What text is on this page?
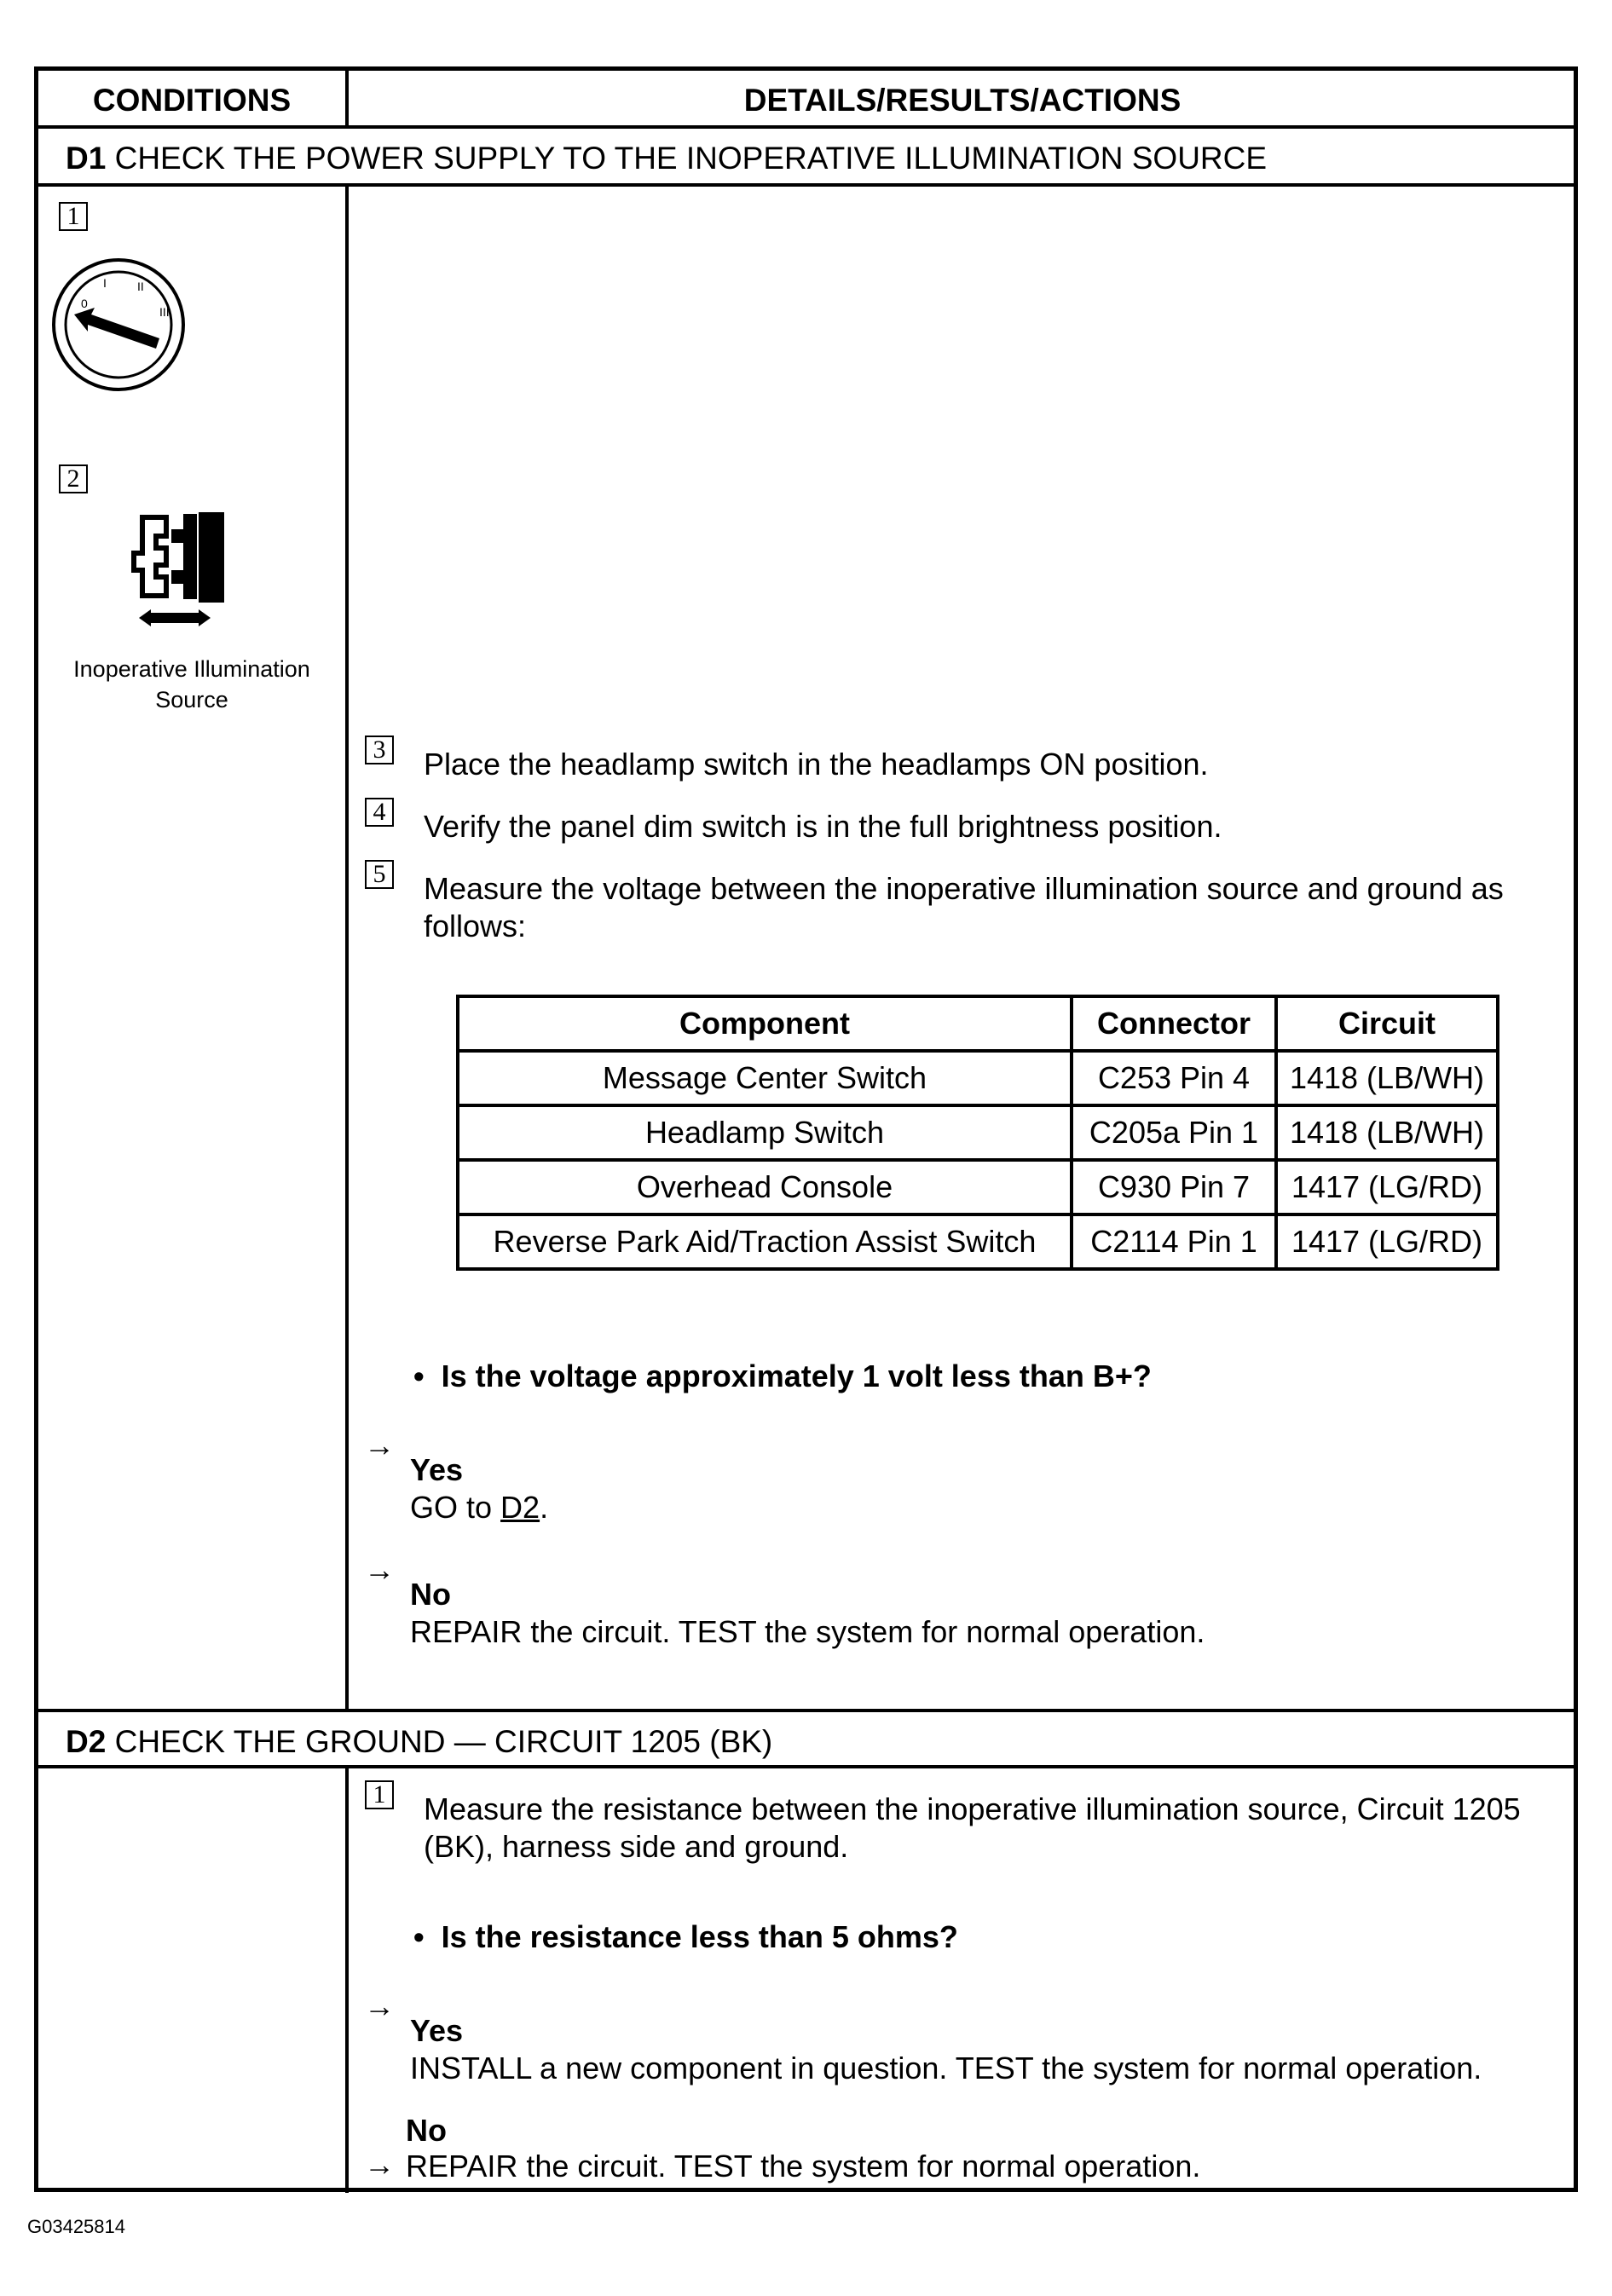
CONDITIONS	DETAILS/RESULTS/ACTIONS
D1 CHECK THE POWER SUPPLY TO THE INOPERATIVE ILLUMINATION SOURCE
1
0
I	II
III
2
Inoperative Illumination Source
3 Place the headlamp switch in the headlamps ON position.
4 Verify the panel dim switch is in the full brightness position.
5 Measure the voltage between the inoperative illumination source and ground as follows:
Component	Connector	Circuit
Message Center Switch	C253 Pin 4	1418 (LB/WH)
Headlamp Switch	C205a Pin 1	1418 (LB/WH)
Overhead Console	C930 Pin 7	1417 (LG/RD)
Reverse Park Aid/Traction Assist Switch	C2114 Pin 1	1417 (LG/RD)
• Is the voltage approximately 1 volt less than B+?
→
Yes
GO to D2.
→
No
REPAIR the circuit. TEST the system for normal operation.
D2 CHECK THE GROUND — CIRCUIT 1205 (BK)
1 Measure the resistance between the inoperative illumination source, Circuit 1205 (BK), harness side and ground.
• Is the resistance less than 5 ohms?
→
Yes
INSTALL a new component in question. TEST the system for normal operation.
→
No
REPAIR the circuit. TEST the system for normal operation.
G03425814
